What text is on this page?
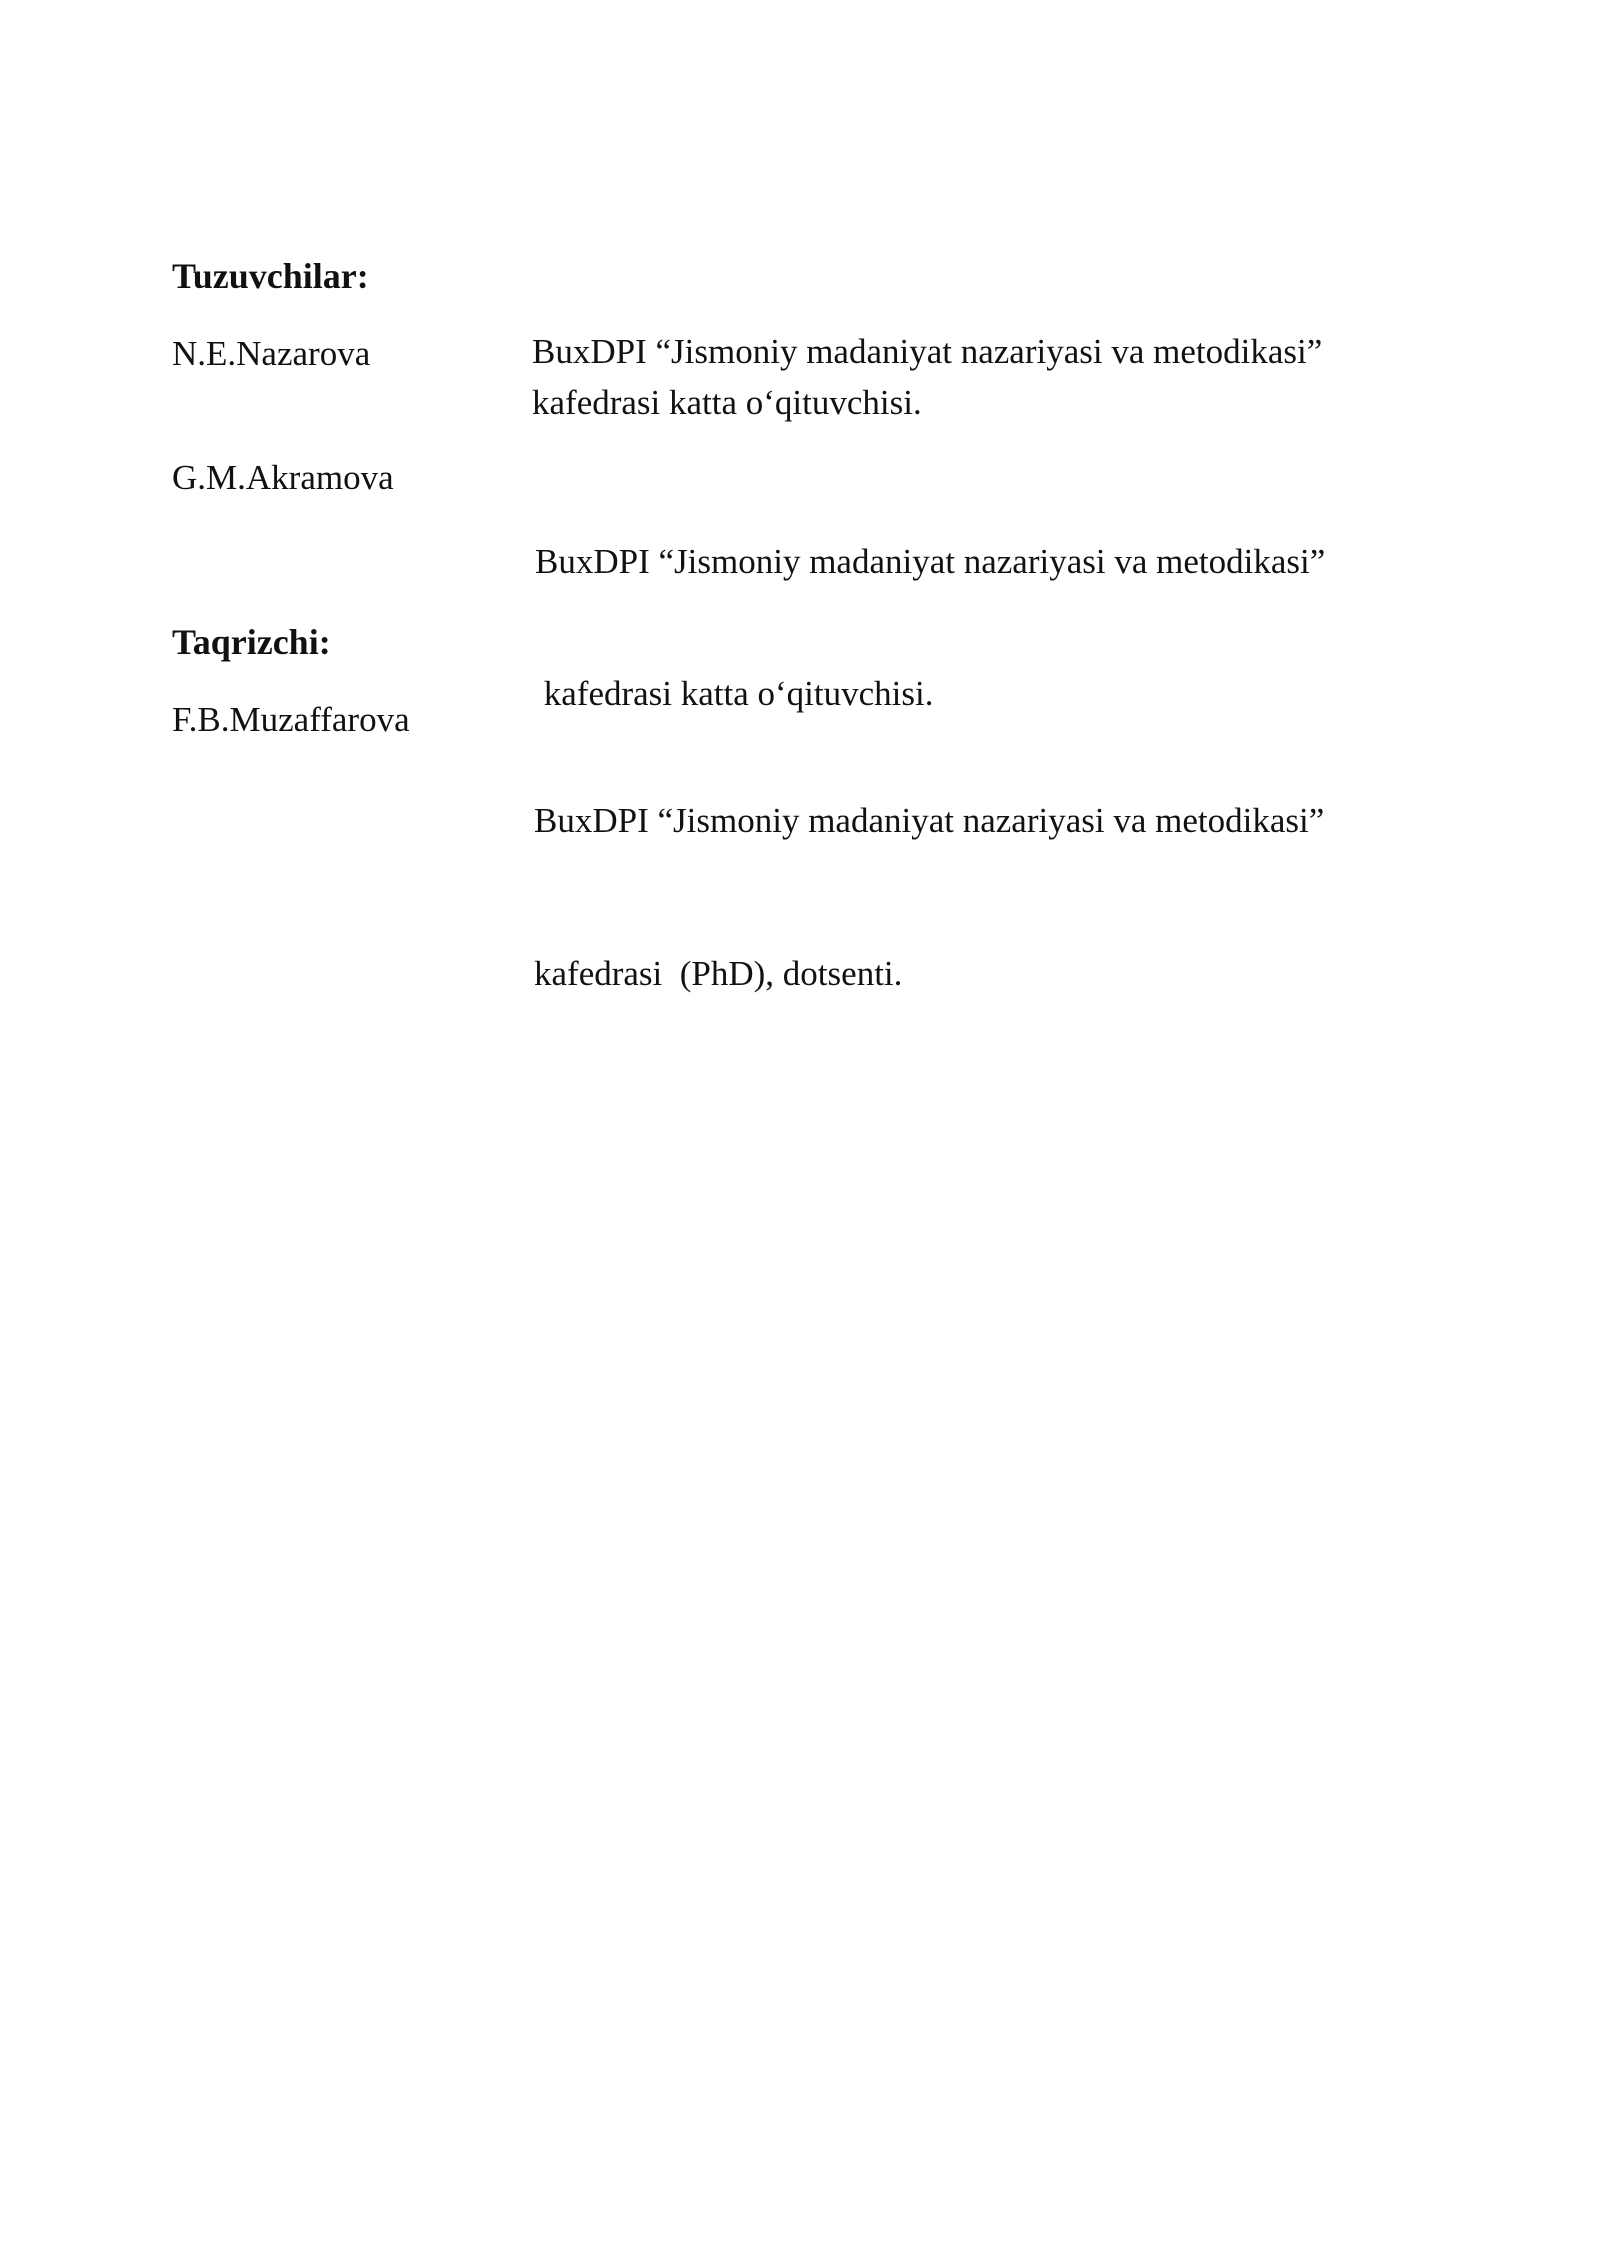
Tuzuvchilar:
N.E.Nazarova	BuxDPI “Jismoniy madaniyat nazariyasi va metodikasi”
kafedrasi katta o‘qituvchisi.
G.M.Akramova

BuxDPI “Jismoniy madaniyat nazariyasi va metodikasi”

kafedrasi katta o‘qituvchisi.

Taqrizchi:
F.B.Muzaffarova

BuxDPI “Jismoniy madaniyat nazariyasi va metodikasi”

kafedrasi  (PhD), dotsenti.
